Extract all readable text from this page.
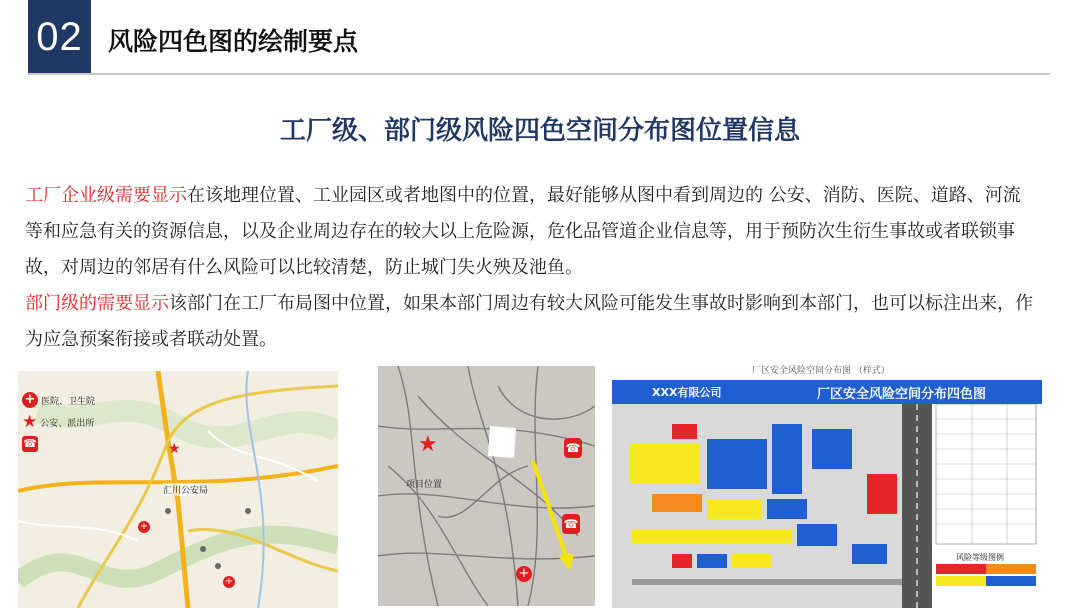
02	风险四色图的绘制要点
工厂级、部门级风险四色空间分布图位置信息

工厂企业级需要显示在该地理位置、工业园区或者地图中的位置，最好能够从图中看到周边的 公安、消防、医院、道路、河流等和应急有关的资源信息，以及企业周边存在的较大以上危险源，危化品管道企业信息等，用于预防次生衍生事故或者联锁事故，对周边的邻居有什么风险可以比较清楚，防止城门失火殃及池鱼。

部门级的需要显示该部门在工厂布局图中位置，如果本部门周边有较大风险可能发生事故时影响到本部门，也可以标注出来，作为应急预案衔接或者联动处置。

+ 医院、卫生院
★ 公安、派出所
☎	★
汇川公安局
+
+
★
项目位置
☎
☎
+
厂区安全风险空间分布图 （样式）
XXX有限公司	厂区安全风险空间分布四色图
风险等级图例
